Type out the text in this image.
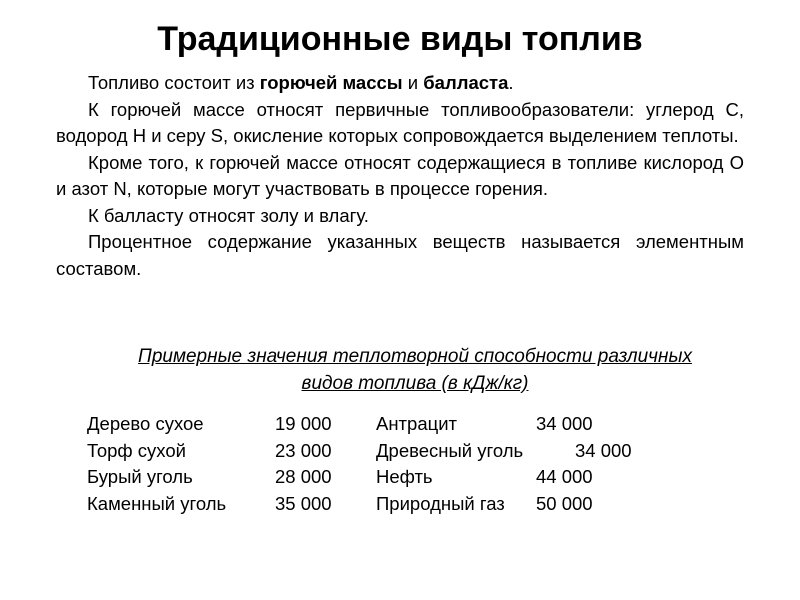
Традиционные виды топлив

Топливо состоит из горючей массы и балласта.

К горючей массе относят первичные топливообразователи: углерод С, водород Н и серу S, окисление которых сопровождается выделением теплоты.

Кроме того, к горючей массе относят содержащиеся в топливе кислород О и азот N, которые могут участвовать в процессе горения.

К балласту относят золу и влагу.

Процентное содержание указанных веществ называется элементным составом.

Примерные значения теплотворной способности различных
видов топлива (в кДж/кг)
Дерево сухое	19 000 Антрацит	34 000
Торф сухой	23 000 Древесный уголь	34 000
Бурый уголь	28 000 Нефть	44 000
Каменный уголь	35 000 Природный газ 50 000
